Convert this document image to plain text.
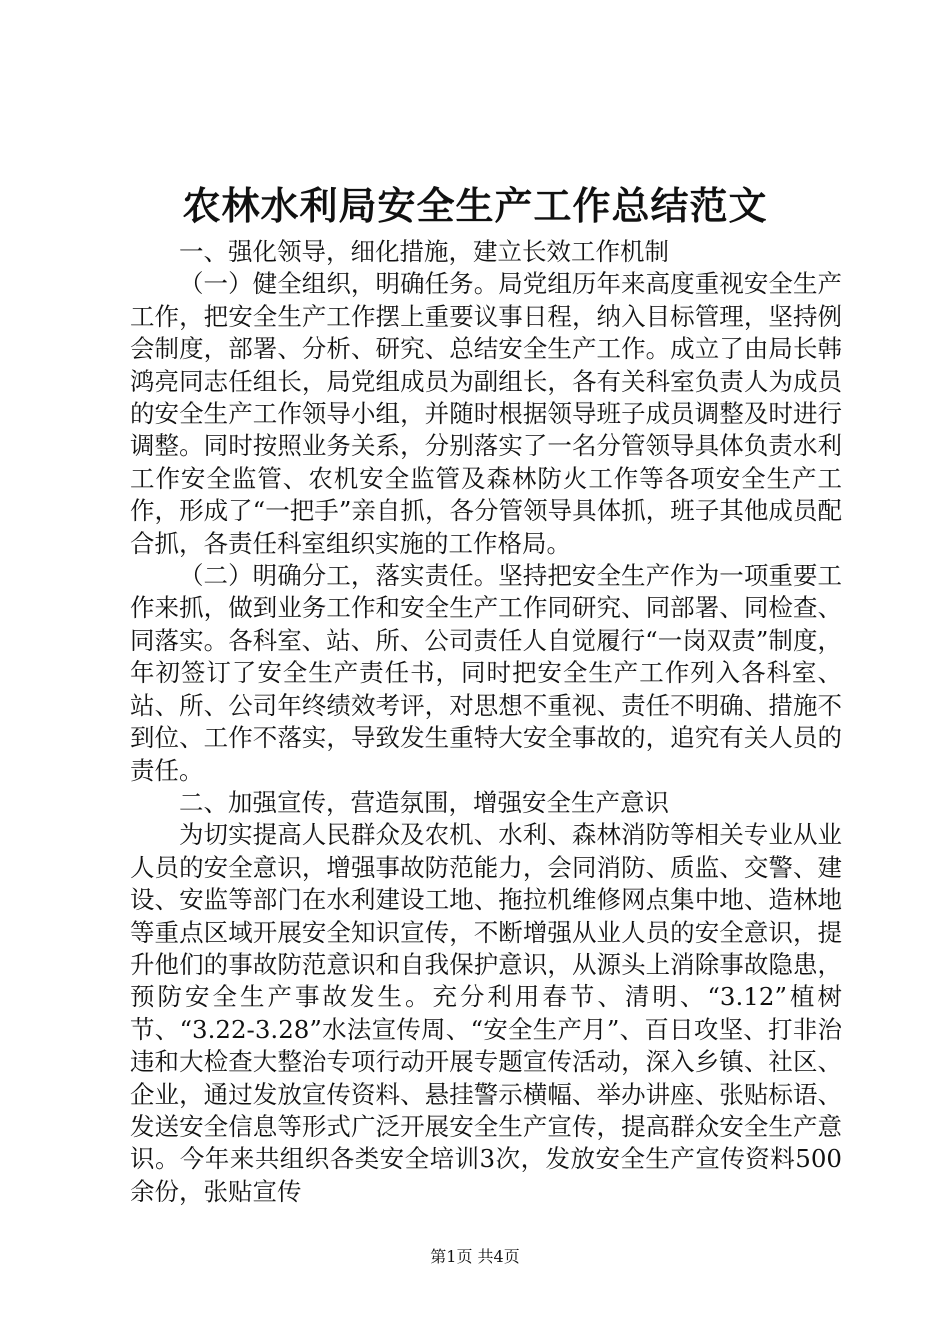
农林水利局安全生产工作总结范文

一、强化领导，细化措施，建立长效工作机制

（一）健全组织，明确任务。局党组历年来高度重视安全生产工作，把安全生产工作摆上重要议事日程，纳入目标管理，坚持例会制度，部署、分析、研究、总结安全生产工作。成立了由局长韩鸿亮同志任组长，局党组成员为副组长，各有关科室负责人为成员的安全生产工作领导小组，并随时根据领导班子成员调整及时进行调整。同时按照业务关系，分别落实了一名分管领导具体负责水利工作安全监管、农机安全监管及森林防火工作等各项安全生产工作，形成了“一把手”亲自抓，各分管领导具体抓，班子其他成员配合抓，各责任科室组织实施的工作格局。

（二）明确分工，落实责任。坚持把安全生产作为一项重要工作来抓，做到业务工作和安全生产工作同研究、同部署、同检查、同落实。各科室、站、所、公司责任人自觉履行“一岗双责”制度，年初签订了安全生产责任书，同时把安全生产工作列入各科室、站、所、公司年终绩效考评，对思想不重视、责任不明确、措施不到位、工作不落实，导致发生重特大安全事故的，追究有关人员的责任。

二、加强宣传，营造氛围，增强安全生产意识

为切实提高人民群众及农机、水利、森林消防等相关专业从业人员的安全意识，增强事故防范能力，会同消防、质监、交警、建设、安监等部门在水利建设工地、拖拉机维修网点集中地、造林地等重点区域开展安全知识宣传，不断增强从业人员的安全意识，提升他们的事故防范意识和自我保护意识，从源头上消除事故隐患，预防安全生产事故发生。充分利用春节、清明、“3.12”植树节、“3.22-3.28”水法宣传周、“安全生产月”、百日攻坚、打非治违和大检查大整治专项行动开展专题宣传活动，深入乡镇、社区、企业，通过发放宣传资料、悬挂警示横幅、举办讲座、张贴标语、发送安全信息等形式广泛开展安全生产宣传，提高群众安全生产意识。今年来共组织各类安全培训3次，发放安全生产宣传资料500余份，张贴宣传

第1页 共4页
